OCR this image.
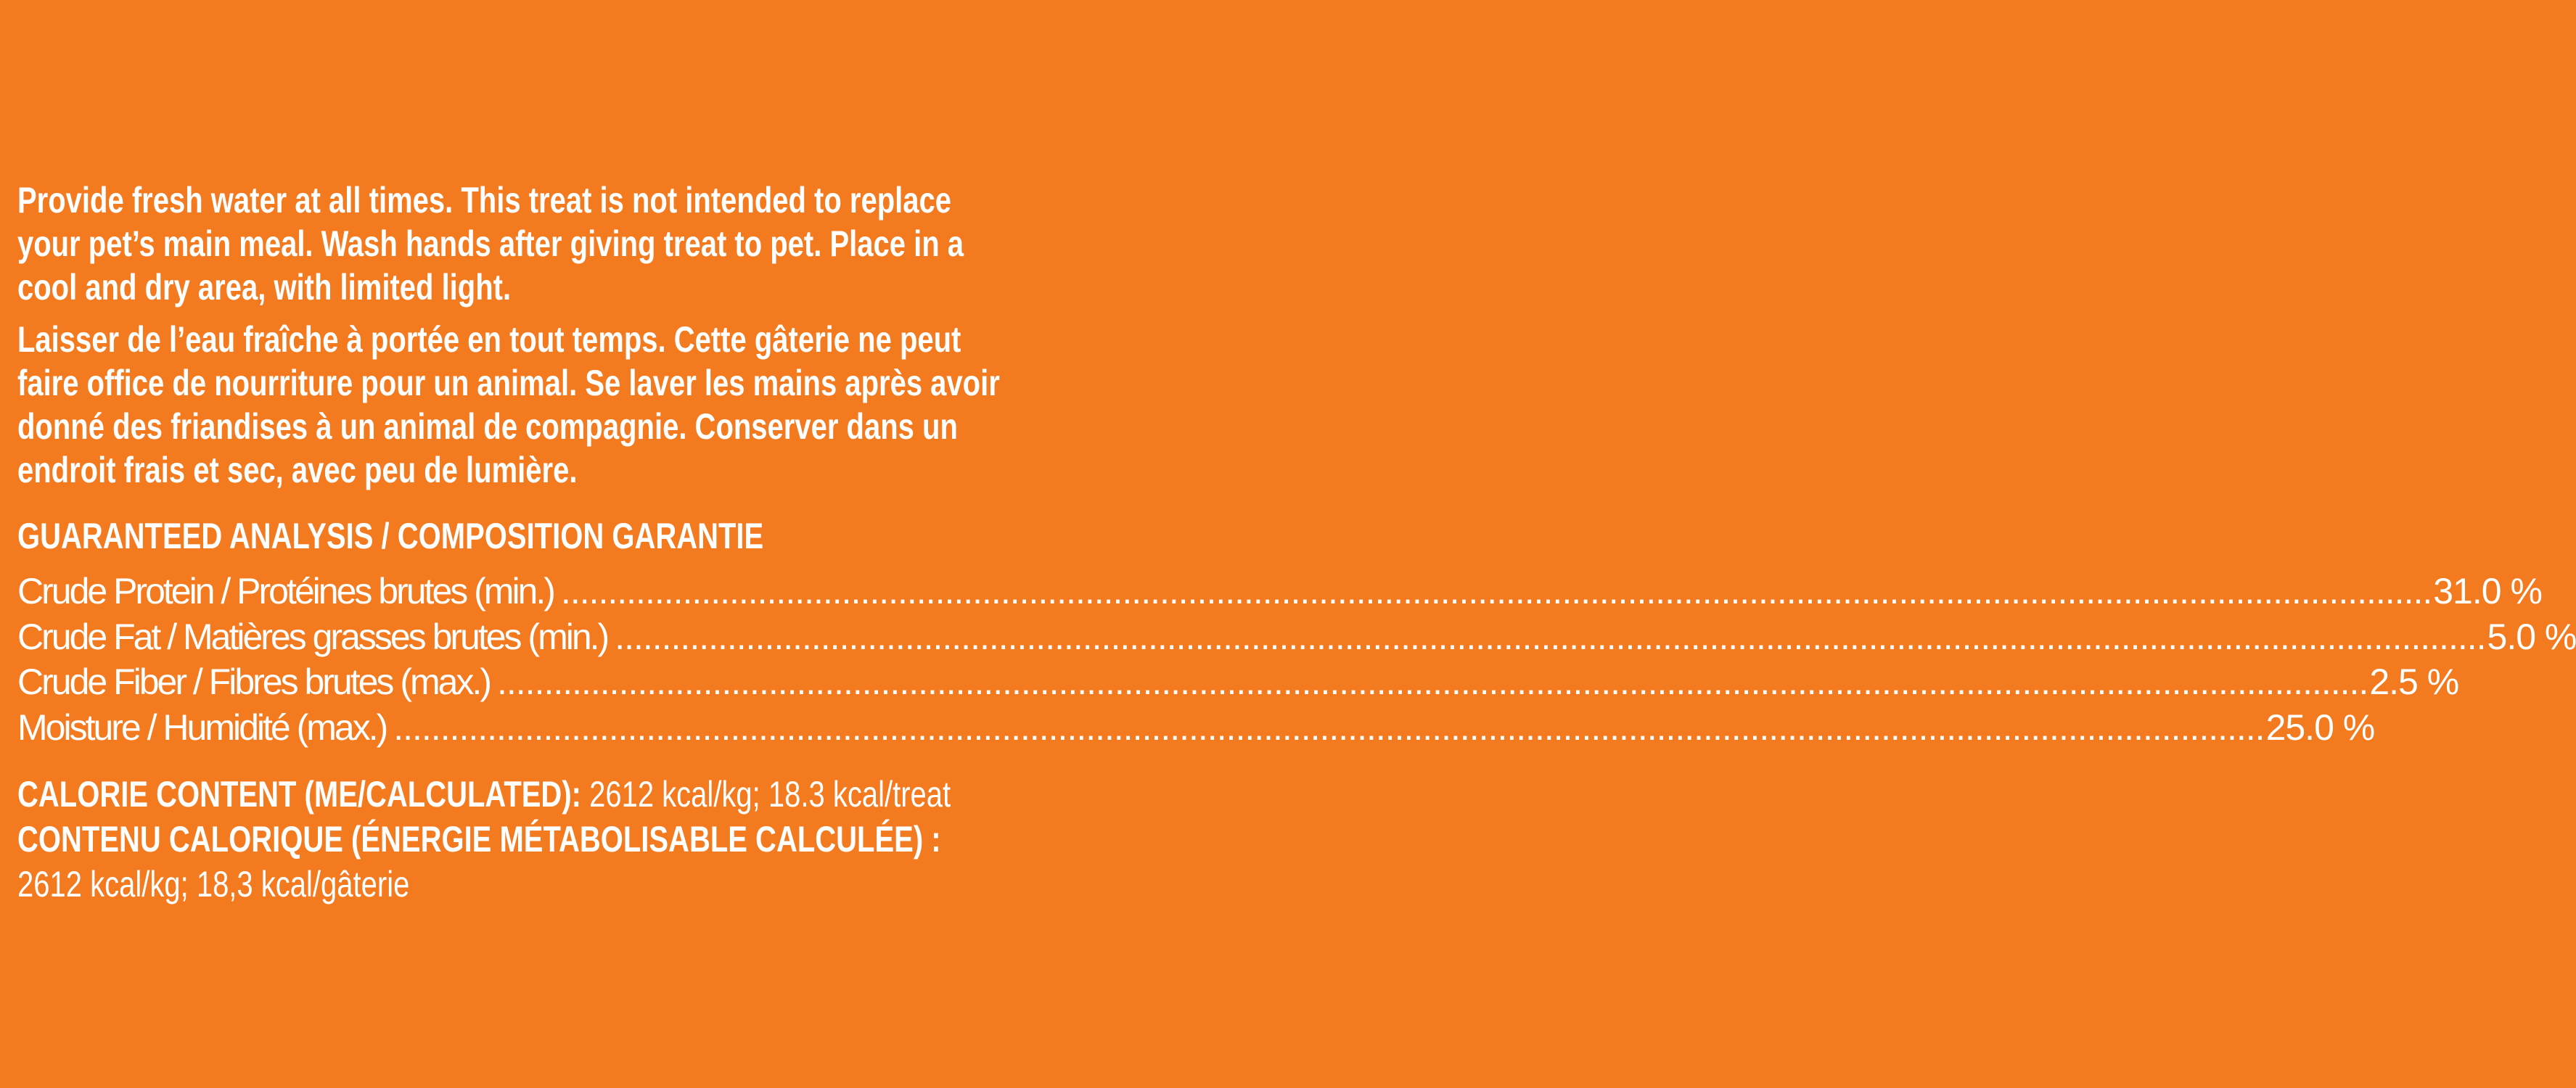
Provide fresh water at all times. This treat is not intended to replace
your pet’s main meal. Wash hands after giving treat to pet. Place in a
cool and dry area, with limited light.
Laisser de l’eau fraîche à portée en tout temps. Cette gâterie ne peut
faire office de nourriture pour un animal. Se laver les mains après avoir
donné des friandises à un animal de compagnie. Conserver dans un
endroit frais et sec, avec peu de lumière.
GUARANTEED ANALYSIS / COMPOSITION GARANTIE
Crude Protein / Protéines brutes (min.) ........................................................................................................................................................................................................ 31.0 %
Crude Fat / Matières grasses brutes (min.) ........................................................................................................................................................................................................ 5.0 %
Crude Fiber / Fibres brutes (max.) ........................................................................................................................................................................................................ 2.5 %
Moisture / Humidité (max.) ........................................................................................................................................................................................................ 25.0 %
CALORIE CONTENT (ME/CALCULATED): 2612 kcal/kg; 18.3 kcal/treat
CONTENU CALORIQUE (ÉNERGIE MÉTABOLISABLE CALCULÉE) :
2612 kcal/kg; 18,3 kcal/gâterie
